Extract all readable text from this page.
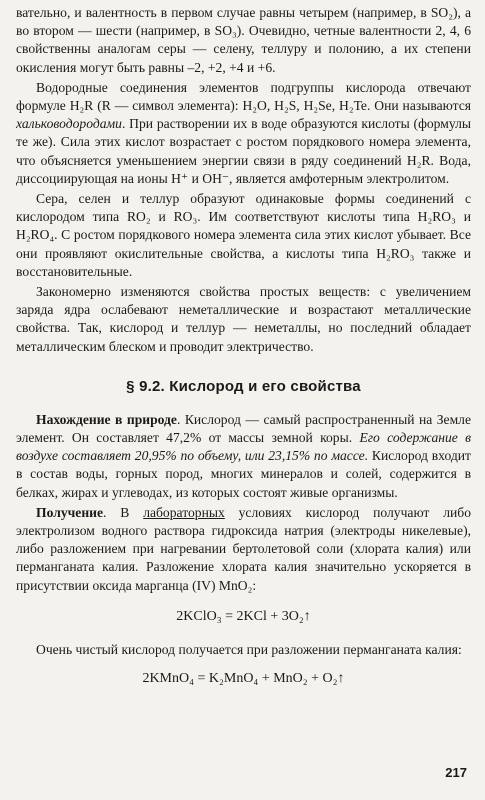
вательно, и валентность в первом случае равны четырем (например, в SO₂), а во втором — шести (например, в SO₃). Очевидно, четные валентности 2, 4, 6 свойственны аналогам серы — селену, теллуру и полонию, а их степени окисления могут быть равны –2, +2, +4 и +6.

Водородные соединения элементов подгруппы кислорода отвечают формуле H₂R (R — символ элемента): H₂O, H₂S, H₂Se, H₂Te. Они называются хальководородами. При растворении их в воде образуются кислоты (формулы те же). Сила этих кислот возрастает с ростом порядкового номера элемента, что объясняется уменьшением энергии связи в ряду соединений H₂R. Вода, диссоциирующая на ионы H⁺ и OH⁻, является амфотерным электролитом.

Сера, селен и теллур образуют одинаковые формы соединений с кислородом типа RO₂ и RO₃. Им соответствуют кислоты типа H₂RO₃ и H₂RO₄. С ростом порядкового номера элемента сила этих кислот убывает. Все они проявляют окислительные свойства, а кислоты типа H₂RO₃ также и восстановительные.

Закономерно изменяются свойства простых веществ: с увеличением заряда ядра ослабевают неметаллические и возрастают металлические свойства. Так, кислород и теллур — неметаллы, но последний обладает металлическим блеском и проводит электричество.

§ 9.2. Кислород и его свойства

Нахождение в природе. Кислород — самый распространенный на Земле элемент. Он составляет 47,2% от массы земной коры. Его содержание в воздухе составляет 20,95% по объему, или 23,15% по массе. Кислород входит в состав воды, горных пород, многих минералов и солей, содержится в белках, жирах и углеводах, из которых состоят живые организмы.

Получение. В лабораторных условиях кислород получают либо электролизом водного раствора гидроксида натрия (электроды никелевые), либо разложением при нагревании бертолетовой соли (хлората калия) или перманганата калия. Разложение хлората калия значительно ускоряется в присутствии оксида марганца (IV) MnO₂:

2KClO₃ = 2KCl + 3O₂↑

Очень чистый кислород получается при разложении перманганата калия:

2KMnO₄ = K₂MnO₄ + MnO₂ + O₂↑
217
